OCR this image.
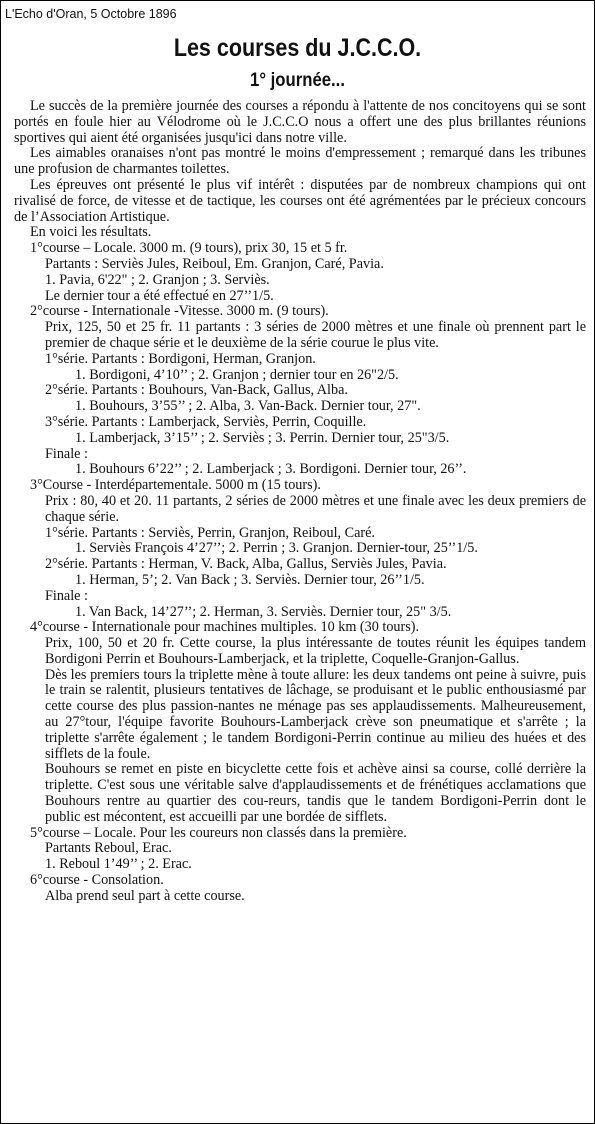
L'Echo d'Oran, 5 Octobre 1896
Les courses du J.C.C.O.
1° journée...

Le succès de la première journée des courses a répondu à l'attente de nos concitoyens qui se sont portés en foule hier au Vélodrome où le J.C.C.O nous a offert une des plus brillantes réunions sportives qui aient été organisées jusqu'ici dans notre ville.

Les aimables oranaises n'ont pas montré le moins d'empressement ; remarqué dans les tribunes une profusion de charmantes toilettes.

Les épreuves ont présenté le plus vif intérêt : disputées par de nombreux champions qui ont rivalisé de force, de vitesse et de tactique, les courses ont été agrémentées par le précieux concours de l’Association Artistique.

En voici les résultats.

1°course – Locale. 3000 m. (9 tours), prix 30, 15 et 5 fr.

Partants : Serviès Jules, Reiboul, Em. Granjon, Caré, Pavia.

1. Pavia, 6'22" ; 2. Granjon ; 3. Serviès.

Le dernier tour a été effectué en 27’’1/5.

2°course - Internationale -Vitesse. 3000 m. (9 tours).

Prix, 125, 50 et 25 fr. 11 partants : 3 séries de 2000 mètres et une finale où prennent part le premier de chaque série et le deuxième de la série courue le plus vite.

1°série. Partants : Bordigoni, Herman, Granjon.

1. Bordigoni, 4’10’’ ; 2. Granjon ; dernier tour en 26"2/5.

2°série. Partants : Bouhours, Van-Back, Gallus, Alba.

1. Bouhours, 3’55’’ ; 2. Alba, 3. Van-Back. Dernier tour, 27".

3°série. Partants : Lamberjack, Serviès, Perrin, Coquille.

1. Lamberjack, 3’15’’ ; 2. Serviès ; 3. Perrin. Dernier tour, 25"3/5.

Finale :

1. Bouhours 6’22’’ ; 2. Lamberjack ; 3. Bordigoni. Dernier tour, 26’’.

3°Course - Interdépartementale. 5000 m (15 tours).

Prix : 80, 40 et 20. 11 partants, 2 séries de 2000 mètres et une finale avec les deux premiers de chaque série.

1°série. Partants : Serviès, Perrin, Granjon, Reiboul, Caré.

1. Serviès François 4’27’’; 2. Perrin ; 3. Granjon. Dernier-tour, 25’’1/5.

2°série. Partants : Herman, V. Back, Alba, Gallus, Serviès Jules, Pavia.

1. Herman, 5’; 2. Van Back ; 3. Serviès. Dernier tour, 26’’1/5.

Finale :

1. Van Back, 14’27’’; 2. Herman, 3. Serviès. Dernier tour, 25" 3/5.

4°course - Internationale pour machines multiples. 10 km (30 tours).

Prix, 100, 50 et 20 fr. Cette course, la plus intéressante de toutes réunit les équipes tandem Bordigoni Perrin et Bouhours-Lamberjack, et la triplette, Coquelle-Granjon-Gallus.

Dès les premiers tours la triplette mène à toute allure: les deux tandems ont peine à suivre, puis le train se ralentit, plusieurs tentatives de lâchage, se produisant et le public enthousiasmé par cette course des plus passion-nantes ne ménage pas ses applaudissements. Malheureusement, au 27°tour, l'équipe favorite Bouhours-Lamberjack crève son pneumatique et s'arrête ; la triplette s'arrête également ; le tandem Bordigoni-Perrin continue au milieu des huées et des sifflets de la foule.

Bouhours se remet en piste en bicyclette cette fois et achève ainsi sa course, collé derrière la triplette. C'est sous une véritable salve d'applaudissements et de frénétiques acclamations que Bouhours rentre au quartier des cou-reurs, tandis que le tandem Bordigoni-Perrin dont le public est mécontent, est accueilli par une bordée de sifflets.

5°course – Locale. Pour les coureurs non classés dans la première.

Partants Reboul, Erac.

1. Reboul 1’49’’ ; 2. Erac.

6°course - Consolation.

Alba prend seul part à cette course.
